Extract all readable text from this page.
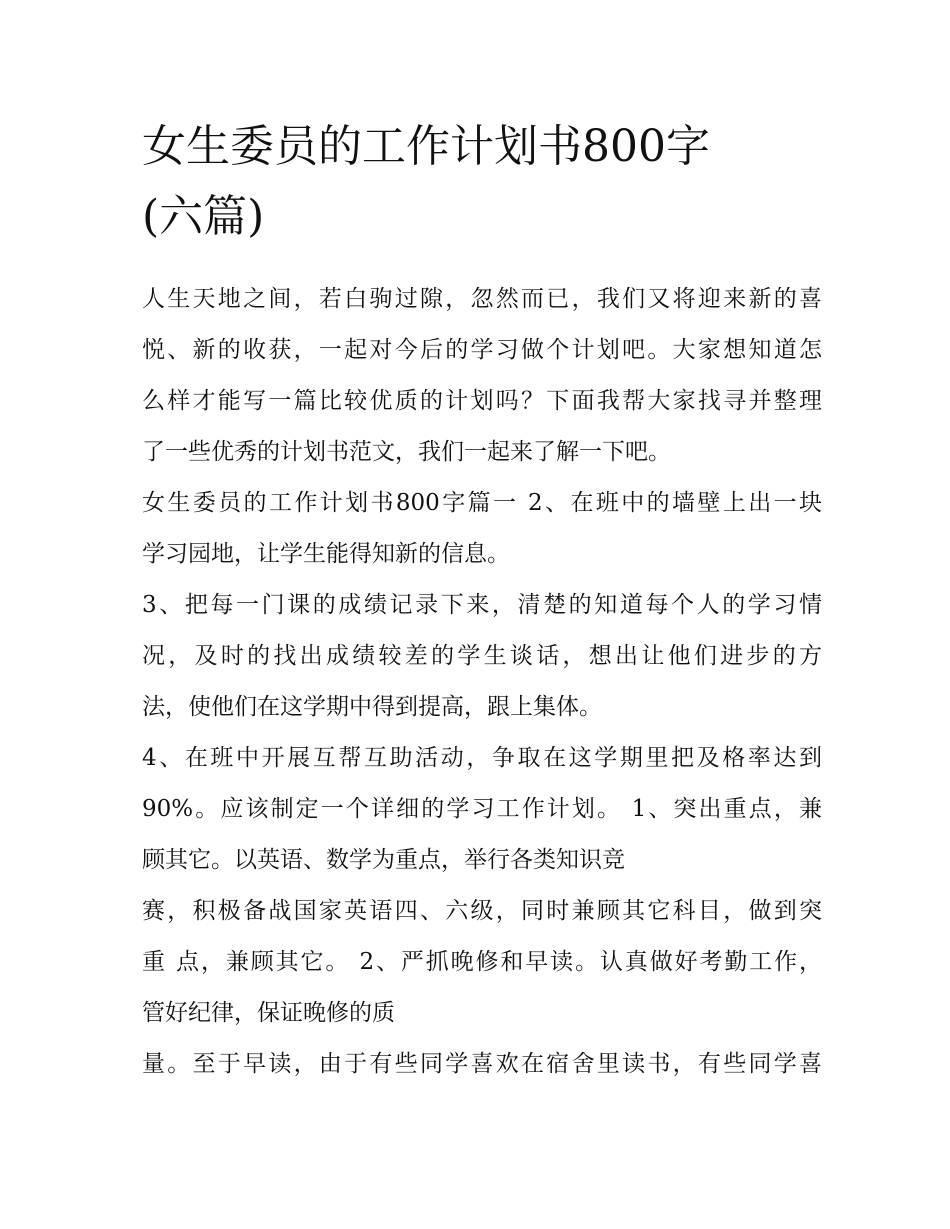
女生委员的工作计划书800字
(六篇)
人生天地之间，若白驹过隙，忽然而已，我们又将迎来新的喜
悦、新的收获，一起对今后的学习做个计划吧。大家想知道怎
么样才能写一篇比较优质的计划吗？下面我帮大家找寻并整理
了一些优秀的计划书范文，我们一起来了解一下吧。
女生委员的工作计划书800字篇一 2、在班中的墙壁上出一块
学习园地，让学生能得知新的信息。
3、把每一门课的成绩记录下来，清楚的知道每个人的学习情
况，及时的找出成绩较差的学生谈话，想出让他们进步的方
法，使他们在这学期中得到提高，跟上集体。
4、在班中开展互帮互助活动，争取在这学期里把及格率达到
90%。应该制定一个详细的学习工作计划。 1、突出重点，兼
顾其它。以英语、数学为重点，举行各类知识竞
赛，积极备战国家英语四、六级，同时兼顾其它科目，做到突
重 点，兼顾其它。 2、严抓晚修和早读。认真做好考勤工作，
管好纪律，保证晚修的质
量。至于早读，由于有些同学喜欢在宿舍里读书，有些同学喜
